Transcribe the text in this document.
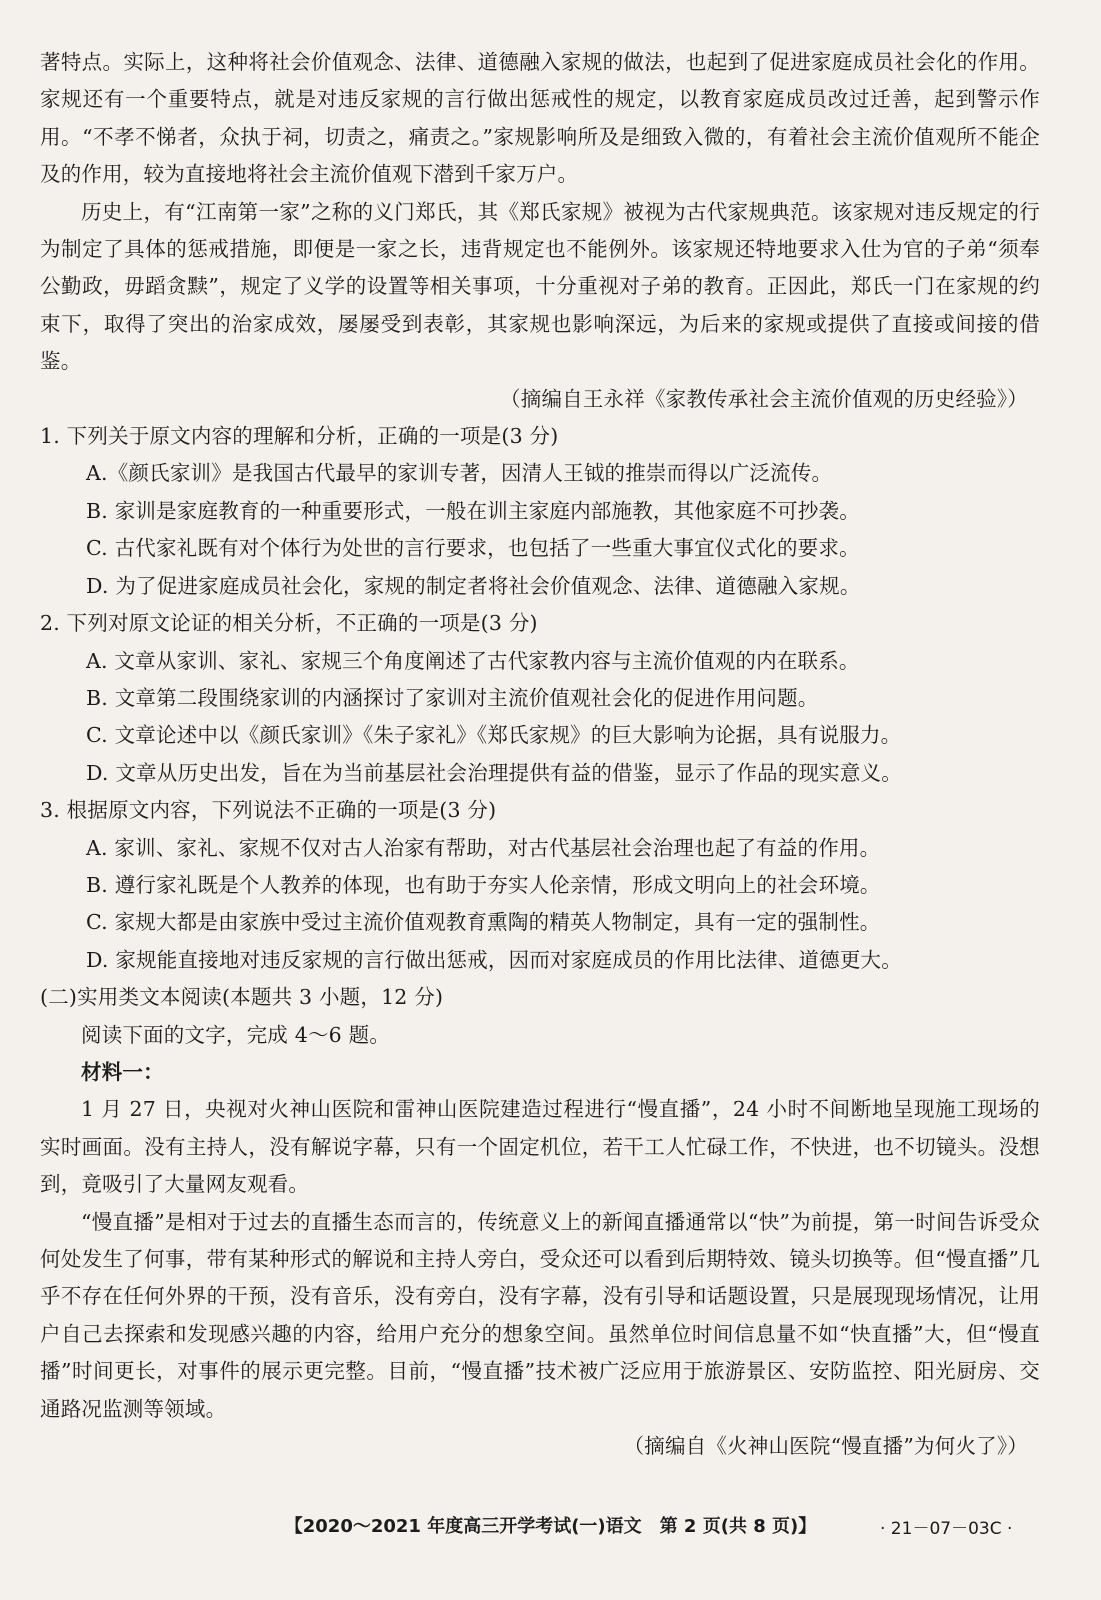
著特点。实际上，这种将社会价值观念、法律、道德融入家规的做法，也起到了促进家庭成员社会化的作用。家规还有一个重要特点，就是对违反家规的言行做出惩戒性的规定，以教育家庭成员改过迁善，起到警示作用。“不孝不悌者，众执于祠，切责之，痛责之。”家规影响所及是细致入微的，有着社会主流价值观所不能企及的作用，较为直接地将社会主流价值观下潜到千家万户。

历史上，有“江南第一家”之称的义门郑氏，其《郑氏家规》被视为古代家规典范。该家规对违反规定的行为制定了具体的惩戒措施，即便是一家之长，违背规定也不能例外。该家规还特地要求入仕为官的子弟“须奉公勤政，毋蹈贪黩”，规定了义学的设置等相关事项，十分重视对子弟的教育。正因此，郑氏一门在家规的约束下，取得了突出的治家成效，屡屡受到表彰，其家规也影响深远，为后来的家规或提供了直接或间接的借鉴。

（摘编自王永祥《家教传承社会主流价值观的历史经验》）

1. 下列关于原文内容的理解和分析，正确的一项是(3 分)

A.《颜氏家训》是我国古代最早的家训专著，因清人王钺的推崇而得以广泛流传。

B. 家训是家庭教育的一种重要形式，一般在训主家庭内部施教，其他家庭不可抄袭。

C. 古代家礼既有对个体行为处世的言行要求，也包括了一些重大事宜仪式化的要求。

D. 为了促进家庭成员社会化，家规的制定者将社会价值观念、法律、道德融入家规。

2. 下列对原文论证的相关分析，不正确的一项是(3 分)

A. 文章从家训、家礼、家规三个角度阐述了古代家教内容与主流价值观的内在联系。

B. 文章第二段围绕家训的内涵探讨了家训对主流价值观社会化的促进作用问题。

C. 文章论述中以《颜氏家训》《朱子家礼》《郑氏家规》的巨大影响为论据，具有说服力。

D. 文章从历史出发，旨在为当前基层社会治理提供有益的借鉴，显示了作品的现实意义。

3. 根据原文内容，下列说法不正确的一项是(3 分)

A. 家训、家礼、家规不仅对古人治家有帮助，对古代基层社会治理也起了有益的作用。

B. 遵行家礼既是个人教养的体现，也有助于夯实人伦亲情，形成文明向上的社会环境。

C. 家规大都是由家族中受过主流价值观教育熏陶的精英人物制定，具有一定的强制性。

D. 家规能直接地对违反家规的言行做出惩戒，因而对家庭成员的作用比法律、道德更大。

(二)实用类文本阅读(本题共 3 小题，12 分)

阅读下面的文字，完成 4～6 题。

材料一：

1 月 27 日，央视对火神山医院和雷神山医院建造过程进行“慢直播”，24 小时不间断地呈现施工现场的实时画面。没有主持人，没有解说字幕，只有一个固定机位，若干工人忙碌工作，不快进，也不切镜头。没想到，竟吸引了大量网友观看。

“慢直播”是相对于过去的直播生态而言的，传统意义上的新闻直播通常以“快”为前提，第一时间告诉受众何处发生了何事，带有某种形式的解说和主持人旁白，受众还可以看到后期特效、镜头切换等。但“慢直播”几乎不存在任何外界的干预，没有音乐，没有旁白，没有字幕，没有引导和话题设置，只是展现现场情况，让用户自己去探索和发现感兴趣的内容，给用户充分的想象空间。虽然单位时间信息量不如“快直播”大，但“慢直播”时间更长，对事件的展示更完整。目前，“慢直播”技术被广泛应用于旅游景区、安防监控、阳光厨房、交通路况监测等领域。

（摘编自《火神山医院“慢直播”为何火了》）

【2020～2021 年度高三开学考试(一)语文　第 2 页(共 8 页)】	· 21－07－03C ·
